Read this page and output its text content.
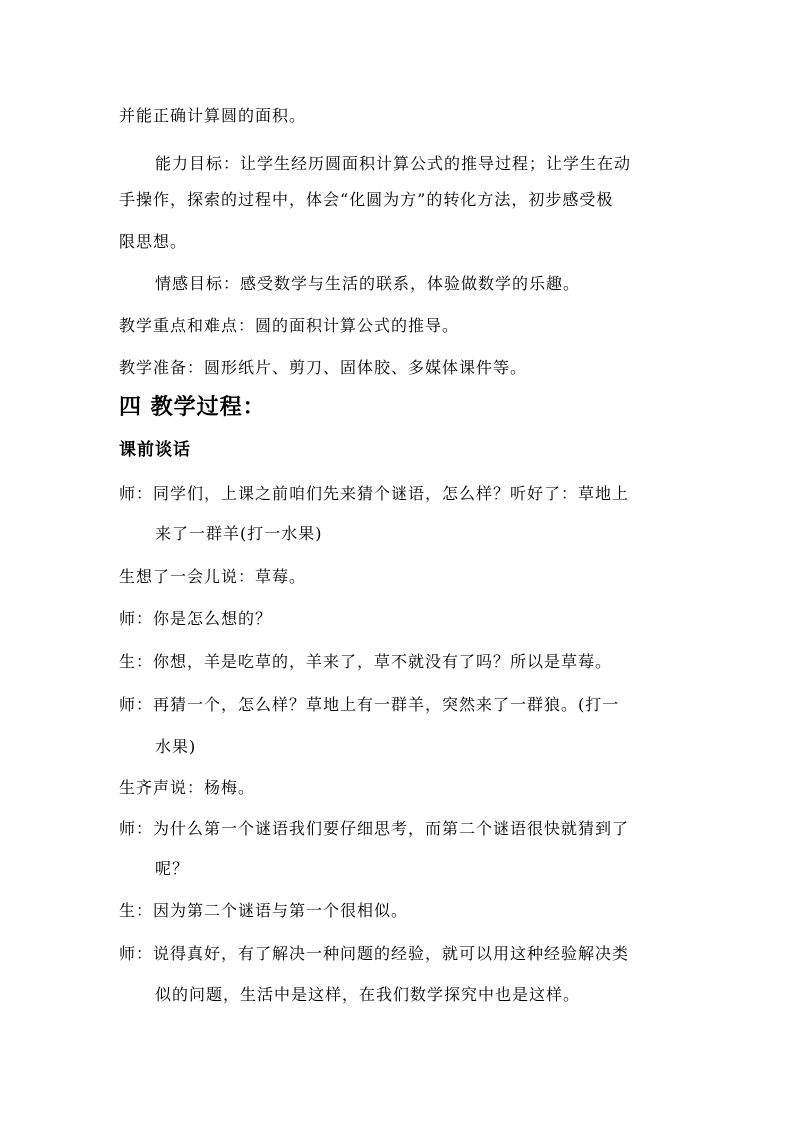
并能正确计算圆的面积。
能力目标：让学生经历圆面积计算公式的推导过程；让学生在动
手操作，探索的过程中，体会“化圆为方”的转化方法，初步感受极
限思想。
情感目标：感受数学与生活的联系，体验做数学的乐趣。
教学重点和难点：圆的面积计算公式的推导。
教学准备：圆形纸片、剪刀、固体胶、多媒体课件等。
四 教学过程：
课前谈话
师：同学们，上课之前咱们先来猜个谜语，怎么样？听好了：草地上
来了一群羊(打一水果)
生想了一会儿说：草莓。
师：你是怎么想的？
生：你想，羊是吃草的，羊来了，草不就没有了吗？所以是草莓。
师：再猜一个，怎么样？草地上有一群羊，突然来了一群狼。(打一
水果)
生齐声说：杨梅。
师：为什么第一个谜语我们要仔细思考，而第二个谜语很快就猜到了
呢？
生：因为第二个谜语与第一个很相似。
师：说得真好，有了解决一种问题的经验，就可以用这种经验解决类
似的问题，生活中是这样，在我们数学探究中也是这样。
